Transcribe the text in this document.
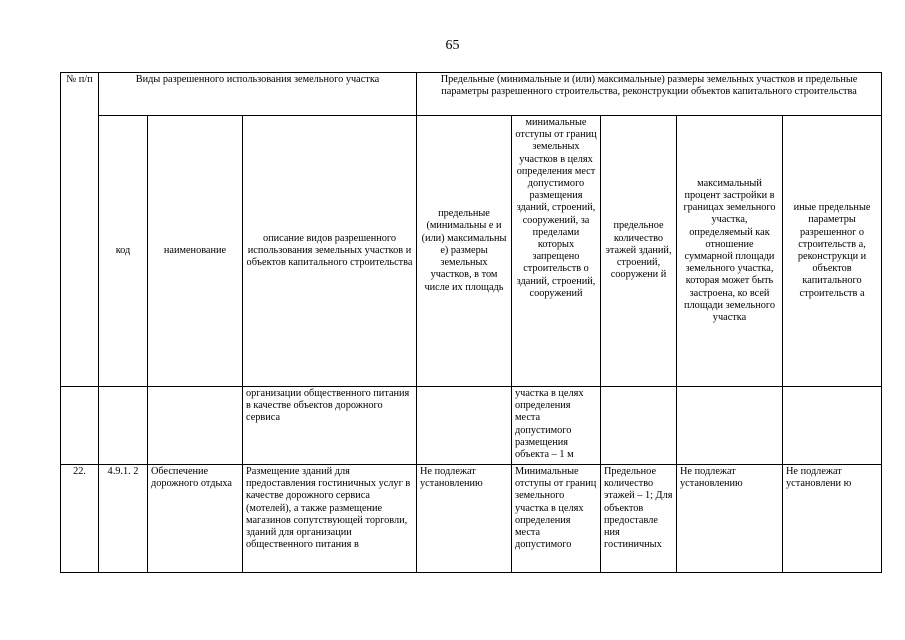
65
№ п/п	Виды разрешенного использования земельного участка			Предельные (минимальные и (или) максимальные) размеры земельных участков и предельные параметры разрешенного строительства, реконструкции объектов капитального строительства				
	код	наименование	описание видов разрешенного использования земельных участков и объектов капитального строительства	предельные (минимальны е и (или) максимальны е) размеры земельных участков, в том числе их площадь	минимальные отступы от границ земельных участков в целях определения мест допустимого размещения зданий, строений, сооружений, за пределами которых запрещено строительств о зданий, строений, сооружений	предельное количество этажей зданий, строений, сооружени й	максимальный процент застройки в границах земельного участка, определяемый как отношение суммарной площади земельного участка, которая может быть застроена, ко всей площади земельного участка	иные предельные параметры разрешенног о строительств а, реконструкци и объектов капитального строительств а
			организации общественного питания в качестве объектов дорожного сервиса		участка в целях определения места допустимого размещения объекта – 1 м			
22.	4.9.1. 2	Обеспечение дорожного отдыха	Размещение зданий для предоставления гостиничных услуг в качестве дорожного сервиса (мотелей), а также размещение магазинов сопутствующей торговли, зданий для организации общественного питания в	Не подлежат установлению	Минимальные отступы от границ земельного участка в целях определения места допустимого	Предельное количество этажей – 1; Для объектов предоставле ния гостиничных	Не подлежат установлению	Не подлежат установлени ю
